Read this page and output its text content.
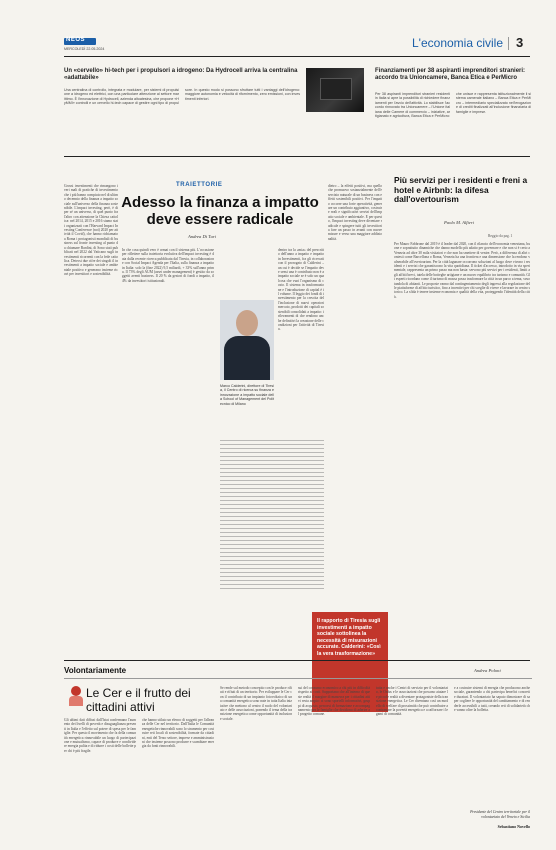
NEOS
MERCOLEDÌ 22.05.2024	L'economia civile 3
Un «cervello» hi-tech per i propulsori a idrogeno: Da Hydrocell arriva la centralina «adattabile»
Una centralina di controllo, integrata e modulare, per sistemi di propulsione a idrogeno ed elettrici, con una particolare attenzione al settore marittimo. È l'innovazione di Hydrocell, azienda altoatesina, che propone «HyMMI» controlli e un cervello hi-tech capace di gestire ogni tipo di propulsore. In questo modo si possono sfruttare tutti i vantaggi dell'idrogeno: maggiore autonomia e velocità di rifornimento, zero emissioni, con investimenti inferiori.
Finanziamenti per 38 aspiranti imprenditori stranieri: accordo tra Unioncamere, Banca Etica e PerMicro
Per 38 aspiranti imprenditori stranieri residenti in Italia si apre la possibilità di richiedere finanziamenti per l'avvio dell'attività. Lo stabilisce l'accordo rinnovato tra Unioncamere – l'Unione italiana delle Camere di commercio – iniziative, artigianato e agricoltura, Banca Etica e PerMicro: che unisce e rappresenta istituzionalmente il sistema camerale italiano – Banca Etica e PerMicro – intermediario specializzato nell'erogazione di crediti finalizzati all'inclusione finanziaria di famiglie e imprese.
TRAIETTORIE
Adesso la finanza a impatto deve essere radicale
Andrea Di Turi
Grossi investimenti che rimangono i veri mali di pratiche di investimento che i più hanno compiuto nel di ultimo decennio della finanza a impatto sociale sull'universo della finanza sostenibile. L'impact investing, però, è di per sé un universo, di quel punto fra l'altro con attenzione la Chiesa cattolica: nel 2014, 2015 e 2016 siamo stati organizzati con l'Harvard Impact Investing Conference (noi) 2020 per attività il Covid), che hanno richiamato a Roma i protagonisti mondiali di business sul fronte investing al punto da chiamare Bardini, di Sono stati pubblicati nel 2022 dal Vaticano sugli investimenti ricorrenti con la fede cattolica. Detecsi due cifre dei singoli il investimenti a impatto sociale e ambientale positivo e generano insieme ricavi per investitori e sostenibilità.
In che cosa quindi vero è ormai con il sistema più. L'occasione per riflettere sulla traiettoria evolutiva dell'impact investing è data dalla recente ricerca pubblicata dal Tiresia, in collaborazione con Social Impact Agenda per l'Italia, sulla finanza a impatto in Italia: solo la (fine 2022) 9,5 miliardi, + 33% sull'anno prima. Il 73% degli AUM (asset under management) è gestito da soggetti aventi business. Il 20 % da gestori di fondi a impatto, il 4% da investitori istituzionali.
Marco Calderini, direttore di Tiresia, il Centro di ricerca su finanza e innovazione a impatto sociale della School of Management del Politecnico di Milano
dentro tra la «mia» del prescritto dell'anno a impatto e impatto in Investimenti, fra gli ricercati con il prorogato di Calderini – un cui è decide se l'impatto deve sensi una è contributo non è a impatto sociale se è solo un qualcosa che vuoi l'organismo di costo. Il sistema in trasformazione e l'introduzione di capital è il volume. Il leggio dei fondi di investimento per la crescita dell'inclusione di nuovi operatori mercato, prodotti dei capitali sostenibili consolidati a impatto: i rilevamenti di che rendono anche definitivi la creazione delle condizioni per l'attività di Tiresia.
dietro – la effetti positivi, ma quello che promuovo sostanzialmente dell'esercizio naturale di un business con effetti sostenibili positivi. Per l'impatto occorre una forte operatività, generare un contributo aggiuntivo, costruire reali e significativi servizi dell'impatto sociale e ambientale. E per questo, l'impact investing deve diventare radicale e spingere tutti gli investitori a fare un passo in avanti con nuove misure e verso una maggiore addizionalità.
Il rapporto di Tiresia sugli investimenti a impatto sociale sottolinea la necessità di misurazioni accurate. Calderini: «Così la vera trasformazione»
Più servizi per i residenti e freni a hotel e Airbnb: la difesa dall'overtourism
Paolo M. Alfieri
Reggio da pag. 1
Per Mauro Fabbrone dal 2019 è il leader dal 2020, con il rilancio dell'economia veneziana, buone e soprattutto dinamiche che danno modello più adatto per governare e che non si è certo a Venezia ad oltre 30 mila visitatori e che non ha smettere di venire. Però, a differenza di altri contesti come Barcellona o Roma, Venezia ha una frontiera e una dimensione che la rendono vulnerabile all'overtourism. Per la città lagunare occorrono soluzioni al luogo dove vivono i residenti e i servizi che garantiscono la vita quotidiana. Il ticket d'accesso, introdotto in via sperimentale, rappresenta un primo passo ma non basta: servono più servizi per i residenti, limiti agli affitti brevi, tutela delle botteghe artigiane e un nuovo equilibrio tra turismo e comunità. Gli esperti ricordano come il turismo di massa possa trasformare la città in un parco a tema, svuotandola di abitanti. Le proposte vanno dal contingentamento degli ingressi alla regolazione delle piattaforme di affitto turistico, fino a incentivi per chi sceglie di vivere e lavorare in centro storico. La sfida è tenere insieme economia e qualità della vita, proteggendo l'identità della città.
Volontariamente	Andrea Poloni
Le Cer e il frutto dei cittadini attivi
Gli ultimi dati diffusi dall'Istat confermano l'aumento dei livelli di povertà e disuguaglianza presenti in Italia e l'effetto sul potere di spesa per le famiglie. Per questo il movimento che fa della comunità energetica rinnovabile un luogo di partecipazione e mutualismo, capace di produrre e condividere energia pulita e di ridurre i costi delle bollette per chi è più fragile.
che hanno stilato un elenco di soggetti per l'alleanza delle Cer nel territorio. Dall'Italia le Comunità energetiche rinnovabili sono lo strumento per costruire reti locali di sostenibilità, formate da cittadini, enti del Terzo settore, imprese e amministrazioni che insieme possono produrre e scambiare energia da fonti rinnovabili.
Se rende sul metodo concepito con le produce rifiuti e rifiuti di un territorio. Per sviluppare le Cer con il contributo di un impianto fotovoltaico di una comunità energetica sono nate in tutta Italia iniziative che mettono al centro il ruolo del volontariato e delle associazioni, ponendo il tema della transizione energetica come opportunità di inclusione sociale.
sui del consumo economico a chi più in difficoltà rispetto ai costi. Supportano che all'interno di queste realtà il margine di manovra per i cittadini attivi resta ampio: ci sono sportelli informativi, gruppi di acquisto, percorsi di formazione e accompagnamento per le famiglie che decidono di aderire al progetto comune.
tutta e anche i Centri di servizio per il volontariato, le Onlus e le associazioni che possono aiutare le piccole realtà a diventare protagoniste della transizione energetica. Le Cer diventano così un modello di welfare di prossimità che può contribuire a contrastare la povertà energetica e a rafforzare i legami di comunità.
e a costruire sistemi di energia che producono anche sociale, garantendo a chi partecipa benefici concreti e duraturi. Il volontariato ha saputo dimostrare di saper cogliere le opportunità del cambiamento e di renderle accessibili a tutti, creando reti di solidarietà che vanno oltre la bolletta.
Presidente del Centro territoriale per il volontariato del Veneto e Sicilia
Sebastiano Novello
